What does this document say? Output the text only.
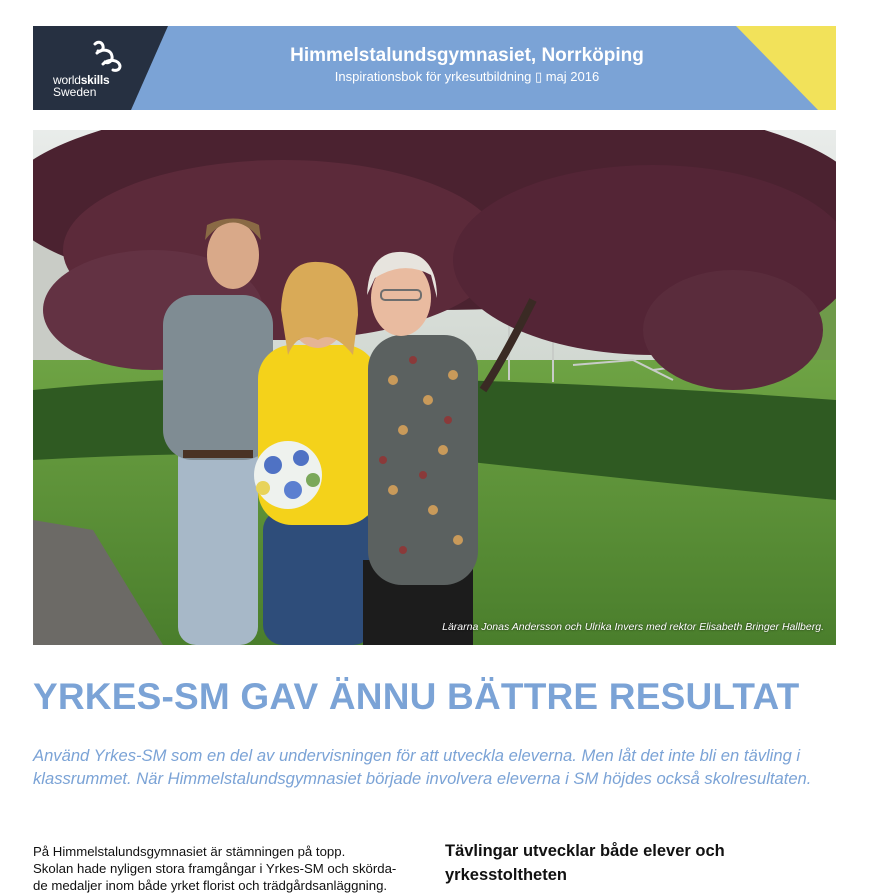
worldskills
Sweden
Himmelstalundsgymnasiet, Norrköping
Inspirationsbok för yrkesutbildning ▯ maj 2016
Lärarna Jonas Andersson och Ulrika Invers med rektor Elisabeth Bringer Hallberg.
YRKES-SM GAV ÄNNU BÄTTRE RESULTAT
Använd Yrkes-SM som en del av undervisningen för att utveckla eleverna. Men låt det inte bli en tävling i klassrummet. När Himmelstalundsgymnasiet började involvera eleverna i SM höjdes också skolresultaten.

På Himmelstalundsgymnasiet är stämningen på topp.

Skolan hade nyligen stora framgångar i Yrkes-SM och skörda-

de medaljer inom både yrket florist och trädgårdsanläggning.

Tävlingar utvecklar både elever och yrkesstoltheten
